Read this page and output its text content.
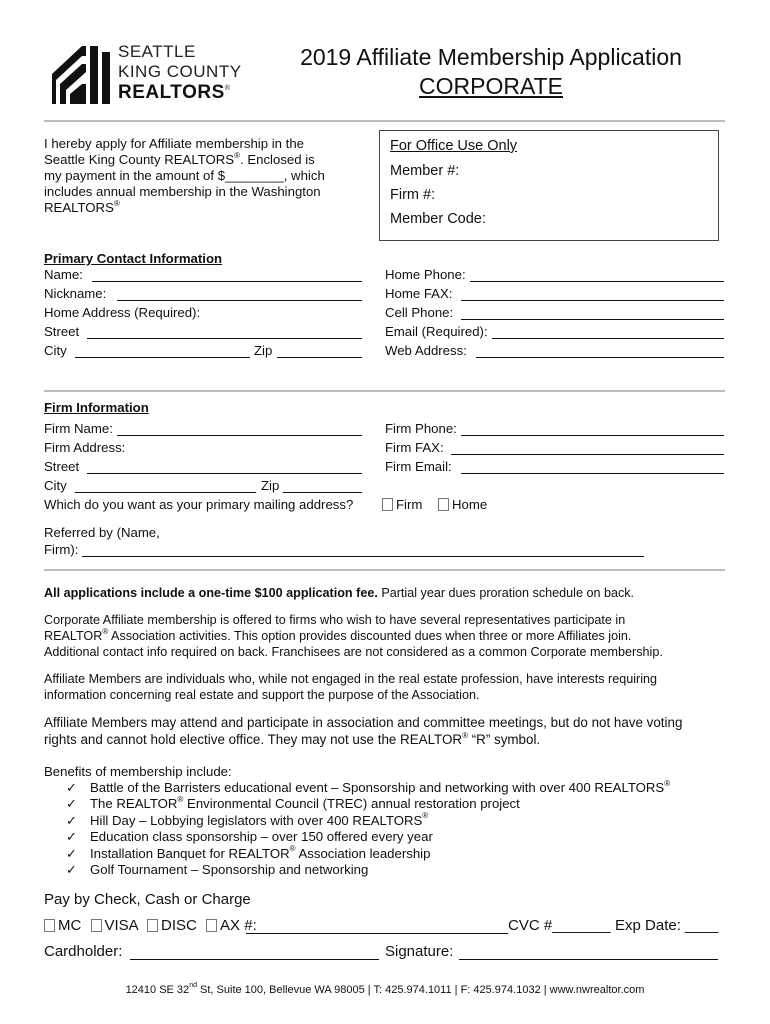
SEATTLE
KING COUNTY
REALTORS®
2019 Affiliate Membership Application
CORPORATE
I hereby apply for Affiliate membership in the
Seattle King County REALTORS®. Enclosed is
my payment in the amount of $________, which
includes annual membership in the Washington
REALTORS®
For Office Use Only
Member #:
Firm #:
Member Code:
Primary Contact Information
Name:
Nickname:
Home Address (Required):
Street
City	Zip
Home Phone:
Home FAX:
Cell Phone:
Email (Required):
Web Address:
Firm Information
Firm Name:
Firm Address:
Street
City	Zip
Firm Phone:
Firm FAX:
Firm Email:
Which do you want as your primary mailing address?	Firm	Home
Referred by (Name,
Firm):
All applications include a one-time $100 application fee. Partial year dues proration schedule on back.
Corporate Affiliate membership is offered to firms who wish to have several representatives participate in
REALTOR® Association activities. This option provides discounted dues when three or more Affiliates join.
Additional contact info required on back. Franchisees are not considered as a common Corporate membership.
Affiliate Members are individuals who, while not engaged in the real estate profession, have interests requiring
information concerning real estate and support the purpose of the Association.
Affiliate Members may attend and participate in association and committee meetings, but do not have voting
rights and cannot hold elective office. They may not use the REALTOR® “R” symbol.
Benefits of membership include:
✓ Battle of the Barristers educational event – Sponsorship and networking with over 400 REALTORS®
✓ The REALTOR® Environmental Council (TREC) annual restoration project
✓ Hill Day – Lobbying legislators with over 400 REALTORS®
✓ Education class sponsorship – over 150 offered every year
✓ Installation Banquet for REALTOR® Association leadership
✓ Golf Tournament – Sponsorship and networking
Pay by Check, Cash or Charge
MC VISA DISC AX #:	CVC #_______ Exp Date: ____
Cardholder:	Signature:
12410 SE 32nd St, Suite 100, Bellevue WA 98005 | T: 425.974.1011 | F: 425.974.1032 | www.nwrealtor.com
